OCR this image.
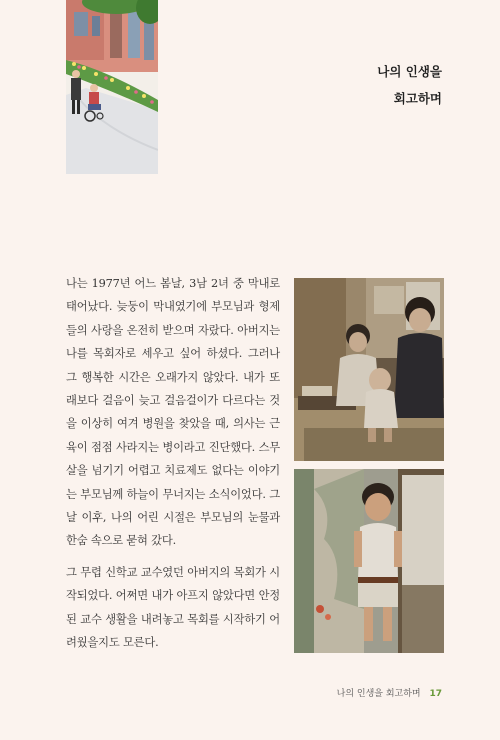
나의 인생을
회고하며

나는 1977년 어느 봄날, 3남 2녀 중 막내로 태어났다. 늦둥이 막내였기에 부모님과 형제들의 사랑을 온전히 받으며 자랐다. 아버지는 나를 목회자로 세우고 싶어 하셨다. 그러나 그 행복한 시간은 오래가지 않았다. 내가 또래보다 걸음이 늦고 걸음걸이가 다르다는 것을 이상히 여겨 병원을 찾았을 때, 의사는 근육이 점점 사라지는 병이라고 진단했다. 스무 살을 넘기기 어렵고 치료제도 없다는 이야기는 부모님께 하늘이 무너지는 소식이었다. 그날 이후, 나의 어린 시절은 부모님의 눈물과 한숨 속으로 묻혀 갔다.

그 무렵 신학교 교수였던 아버지의 목회가 시작되었다. 어쩌면 내가 아프지 않았다면 안정된 교수 생활을 내려놓고 목회를 시작하기 어려웠을지도 모른다.

나의 인생을 회고하며 17
